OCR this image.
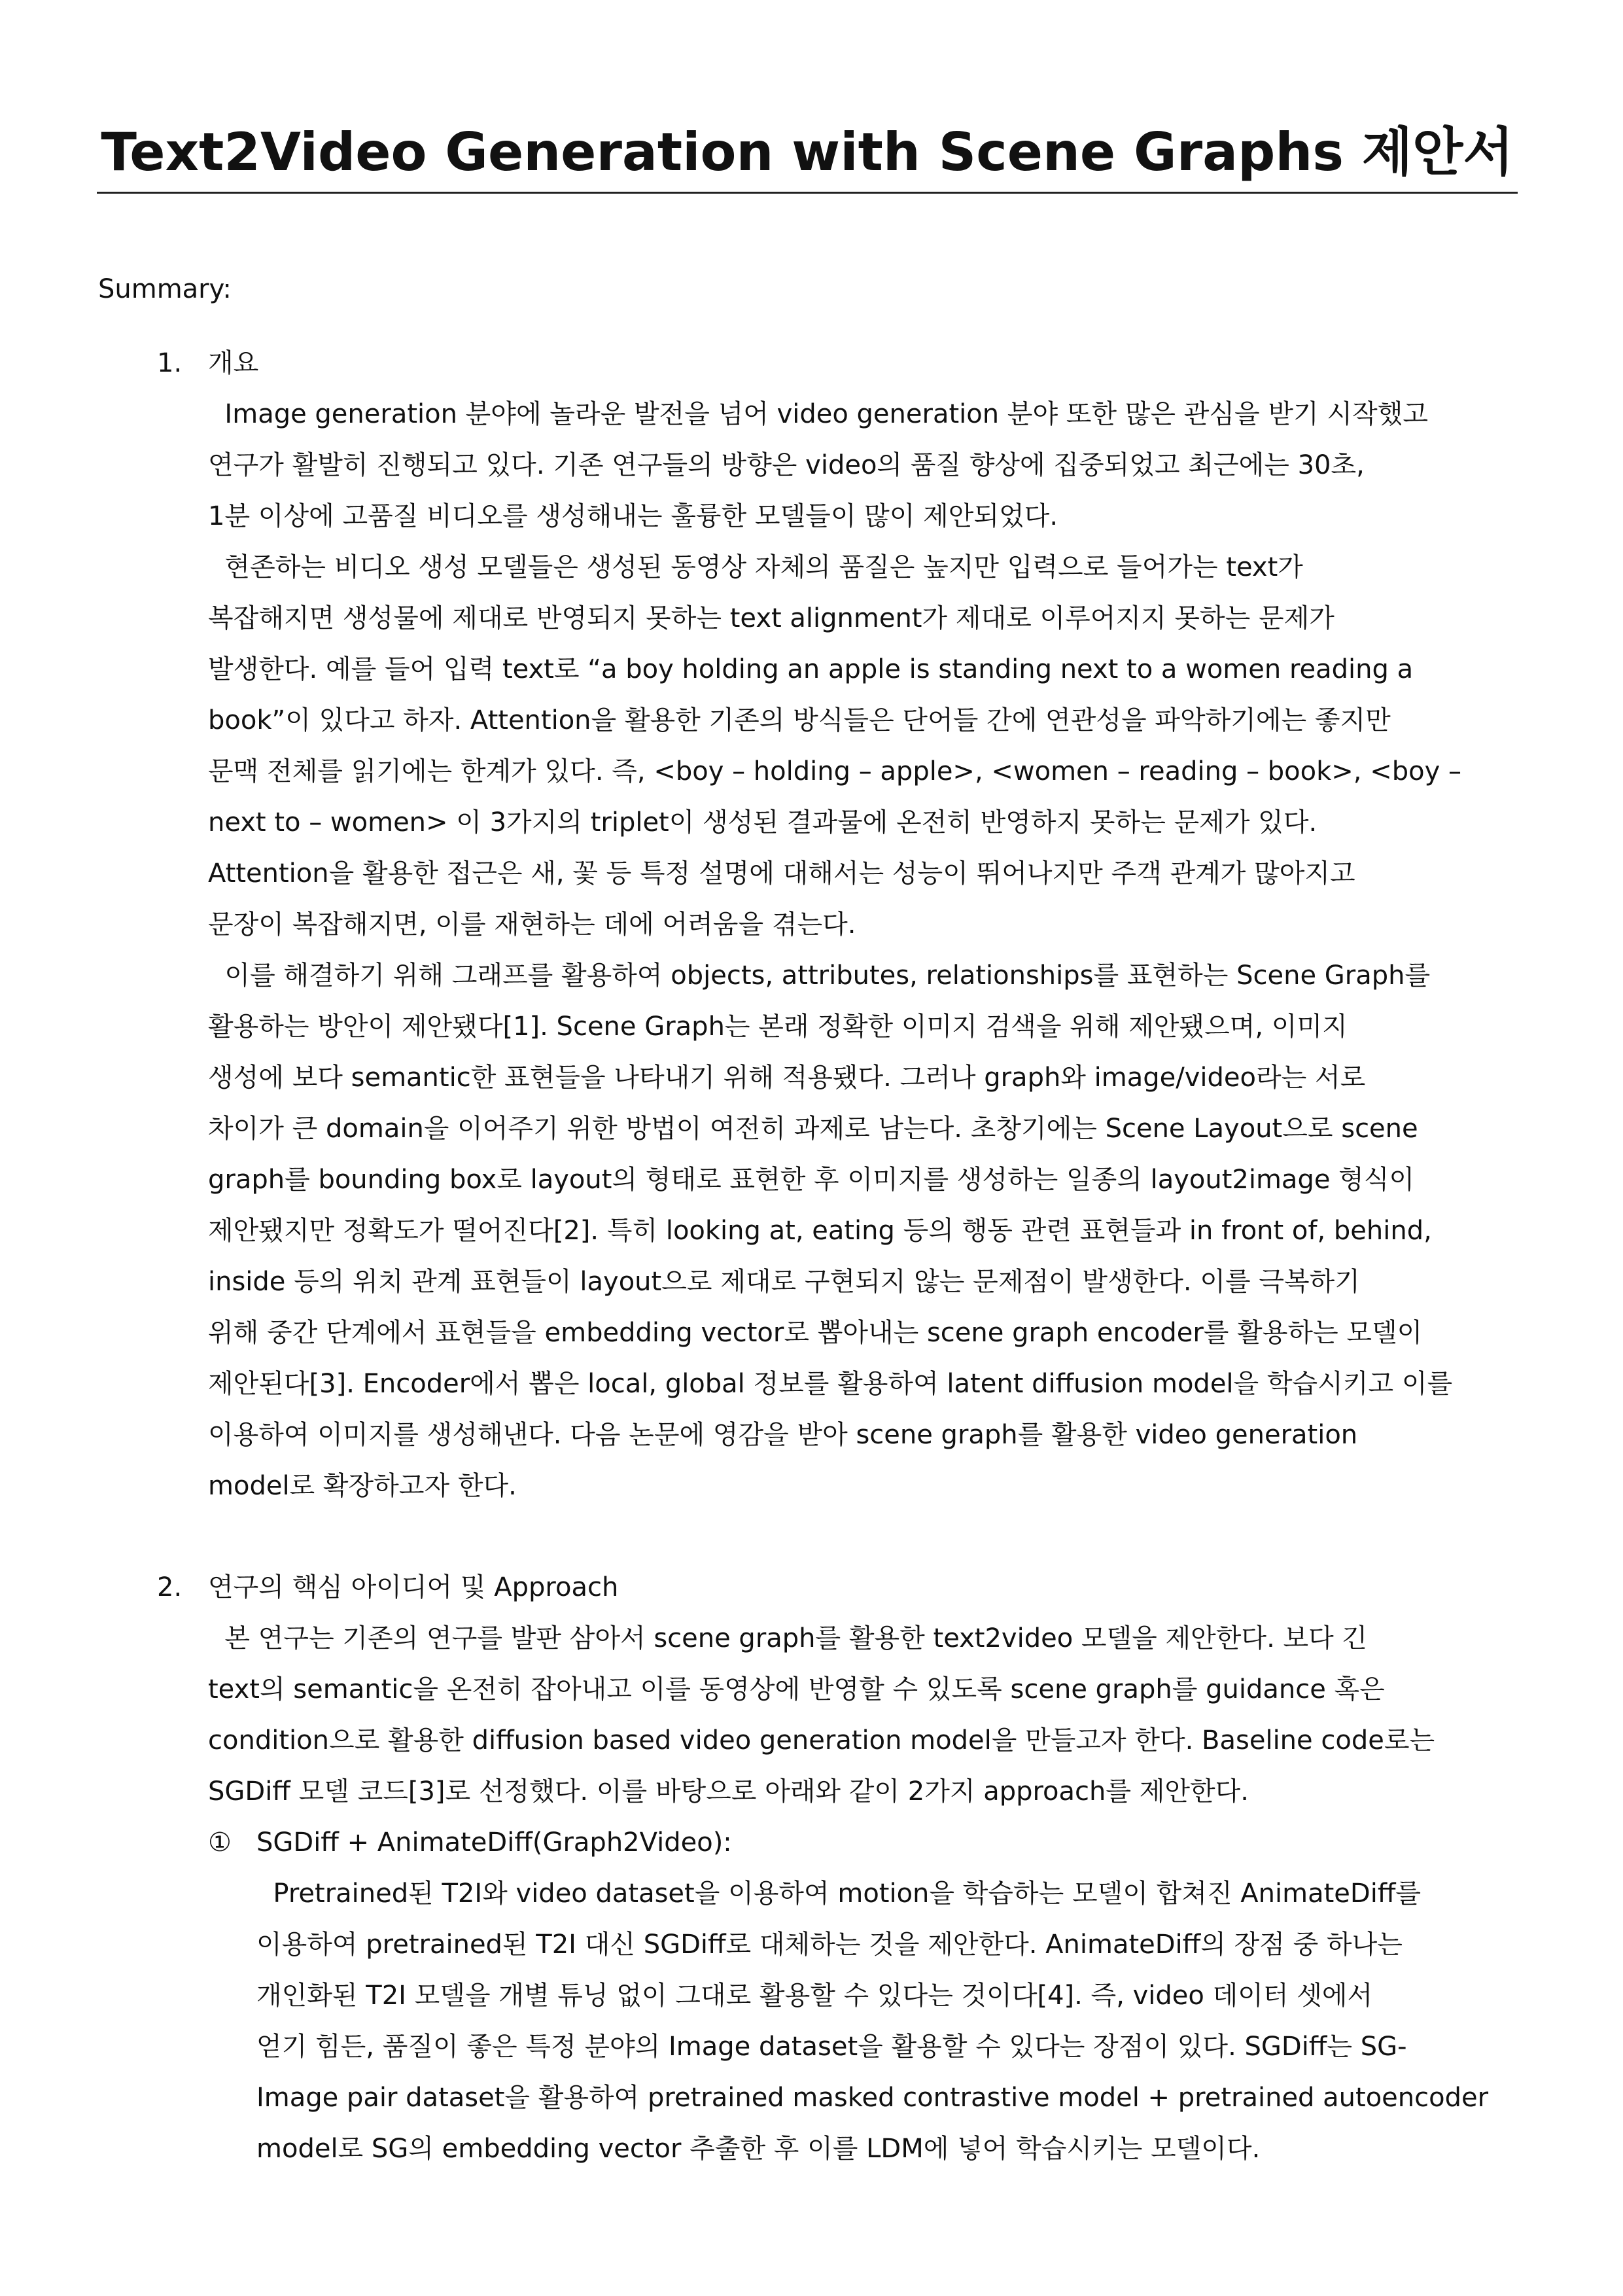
Text2Video Generation with Scene Graphs 제안서
Summary:
1. 개요
Image generation 분야에 놀라운 발전을 넘어 video generation 분야 또한 많은 관심을 받기 시작했고
연구가 활발히 진행되고 있다. 기존 연구들의 방향은 video의 품질 향상에 집중되었고 최근에는 30초,
1분 이상에 고품질 비디오를 생성해내는 훌륭한 모델들이 많이 제안되었다.
현존하는 비디오 생성 모델들은 생성된 동영상 자체의 품질은 높지만 입력으로 들어가는 text가
복잡해지면 생성물에 제대로 반영되지 못하는 text alignment가 제대로 이루어지지 못하는 문제가
발생한다. 예를 들어 입력 text로 “a boy holding an apple is standing next to a women reading a
book”이 있다고 하자. Attention을 활용한 기존의 방식들은 단어들 간에 연관성을 파악하기에는 좋지만
문맥 전체를 읽기에는 한계가 있다. 즉, <boy – holding – apple>, <women – reading – book>, <boy –
next to – women> 이 3가지의 triplet이 생성된 결과물에 온전히 반영하지 못하는 문제가 있다.
Attention을 활용한 접근은 새, 꽃 등 특정 설명에 대해서는 성능이 뛰어나지만 주객 관계가 많아지고
문장이 복잡해지면, 이를 재현하는 데에 어려움을 겪는다.
이를 해결하기 위해 그래프를 활용하여 objects, attributes, relationships를 표현하는 Scene Graph를
활용하는 방안이 제안됐다[1]. Scene Graph는 본래 정확한 이미지 검색을 위해 제안됐으며, 이미지
생성에 보다 semantic한 표현들을 나타내기 위해 적용됐다. 그러나 graph와 image/video라는 서로
차이가 큰 domain을 이어주기 위한 방법이 여전히 과제로 남는다. 초창기에는 Scene Layout으로 scene
graph를 bounding box로 layout의 형태로 표현한 후 이미지를 생성하는 일종의 layout2image 형식이
제안됐지만 정확도가 떨어진다[2]. 특히 looking at, eating 등의 행동 관련 표현들과 in front of, behind,
inside 등의 위치 관계 표현들이 layout으로 제대로 구현되지 않는 문제점이 발생한다. 이를 극복하기
위해 중간 단계에서 표현들을 embedding vector로 뽑아내는 scene graph encoder를 활용하는 모델이
제안된다[3]. Encoder에서 뽑은 local, global 정보를 활용하여 latent diffusion model을 학습시키고 이를
이용하여 이미지를 생성해낸다. 다음 논문에 영감을 받아 scene graph를 활용한 video generation
model로 확장하고자 한다.
2. 연구의 핵심 아이디어 및 Approach
본 연구는 기존의 연구를 발판 삼아서 scene graph를 활용한 text2video 모델을 제안한다. 보다 긴
text의 semantic을 온전히 잡아내고 이를 동영상에 반영할 수 있도록 scene graph를 guidance 혹은
condition으로 활용한 diffusion based video generation model을 만들고자 한다. Baseline code로는
SGDiff 모델 코드[3]로 선정했다. 이를 바탕으로 아래와 같이 2가지 approach를 제안한다.
① SGDiff + AnimateDiff(Graph2Video):
Pretrained된 T2I와 video dataset을 이용하여 motion을 학습하는 모델이 합쳐진 AnimateDiff를
이용하여 pretrained된 T2I 대신 SGDiff로 대체하는 것을 제안한다. AnimateDiff의 장점 중 하나는
개인화된 T2I 모델을 개별 튜닝 없이 그대로 활용할 수 있다는 것이다[4]. 즉, video 데이터 셋에서
얻기 힘든, 품질이 좋은 특정 분야의 Image dataset을 활용할 수 있다는 장점이 있다. SGDiff는 SG-
Image pair dataset을 활용하여 pretrained masked contrastive model + pretrained autoencoder
model로 SG의 embedding vector 추출한 후 이를 LDM에 넣어 학습시키는 모델이다.
